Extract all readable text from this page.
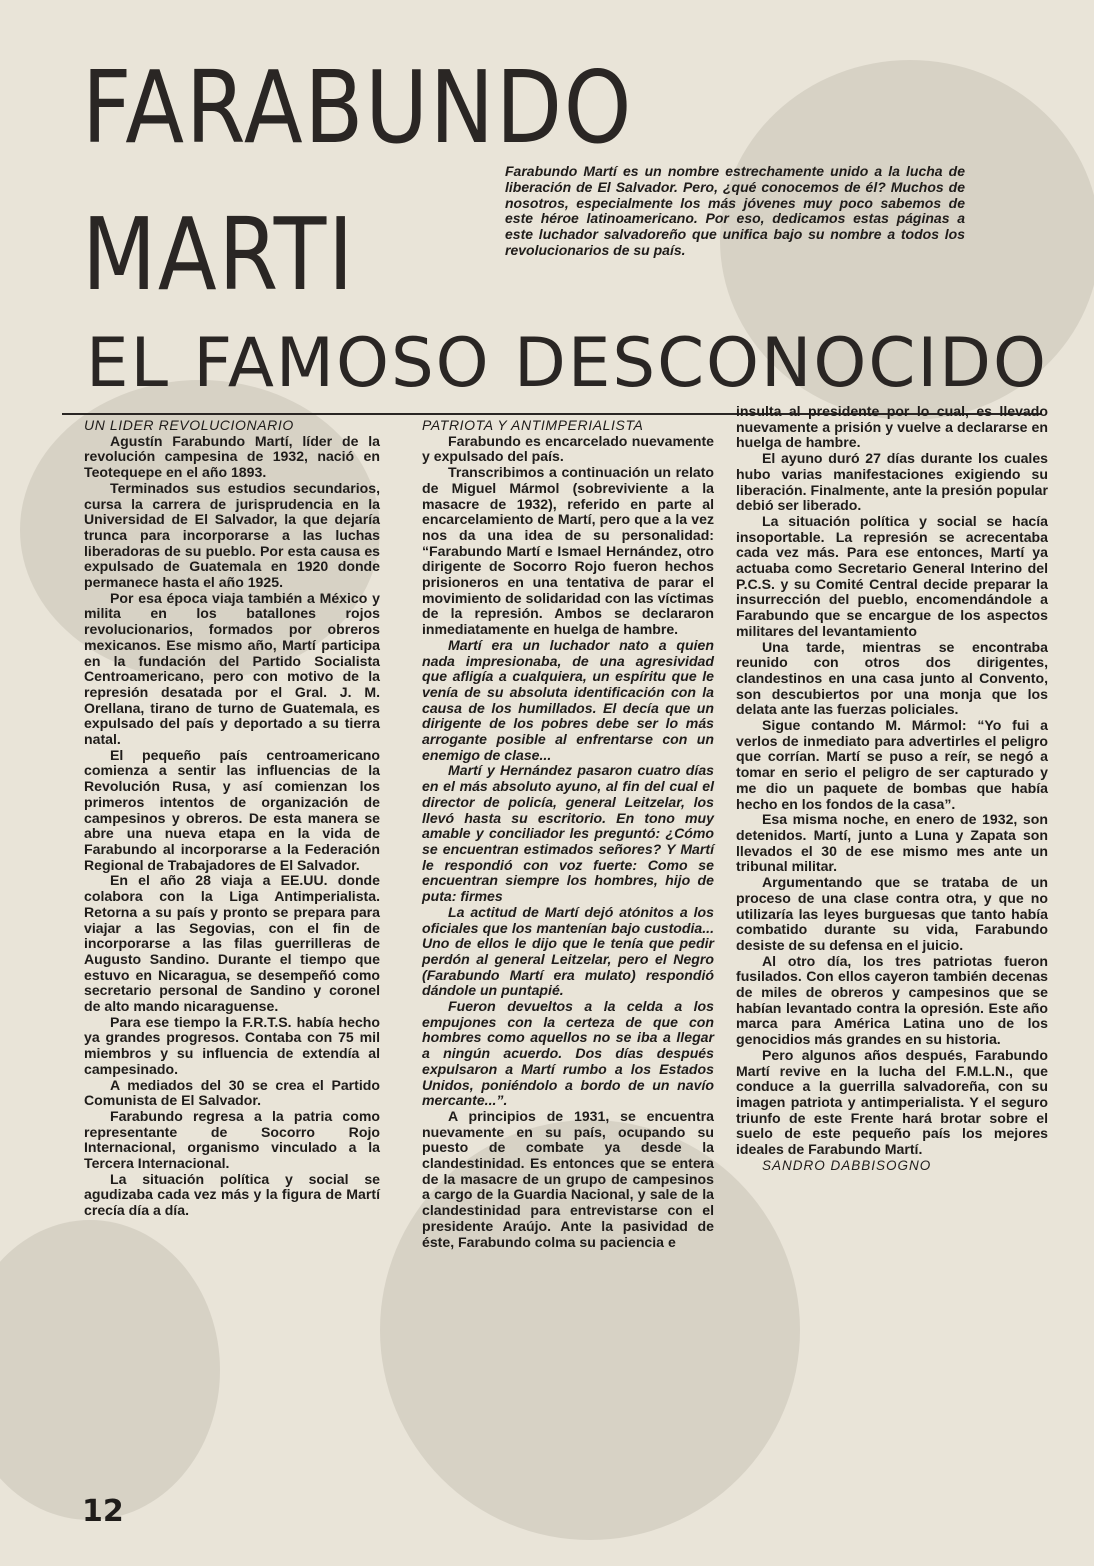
FARABUNDO
MARTI

Farabundo Martí es un nombre estrechamente unido a la lucha de liberación de El Salvador. Pero, ¿qué conocemos de él? Muchos de nosotros, especialmente los más jóvenes muy poco sabemos de este héroe latinoamericano. Por eso, dedicamos estas páginas a este luchador salvadoreño que unifica bajo su nombre a todos los revolucionarios de su país.

EL FAMOSO DESCONOCIDO

UN LIDER REVOLUCIONARIO

Agustín Farabundo Martí, líder de la revolución campesina de 1932, nació en Teotequepe en el año 1893.

Terminados sus estudios secundarios, cursa la carrera de jurisprudencia en la Universidad de El Salvador, la que dejaría trunca para incorporarse a las luchas liberadoras de su pueblo. Por esta causa es expulsado de Guatemala en 1920 donde permanece hasta el año 1925.

Por esa época viaja también a México y milita en los batallones rojos revolucionarios, formados por obreros mexicanos. Ese mismo año, Martí participa en la fundación del Partido Socialista Centroamericano, pero con motivo de la represión desatada por el Gral. J. M. Orellana, tirano de turno de Guatemala, es expulsado del país y deportado a su tierra natal.

El pequeño país centroamericano comienza a sentir las influencias de la Revolución Rusa, y así comienzan los primeros intentos de organización de campesinos y obreros. De esta manera se abre una nueva etapa en la vida de Farabundo al incorporarse a la Federación Regional de Trabajadores de El Salvador.

En el año 28 viaja a EE.UU. donde colabora con la Liga Antimperialista. Retorna a su país y pronto se prepara para viajar a las Segovias, con el fin de incorporarse a las filas guerrilleras de Augusto Sandino. Durante el tiempo que estuvo en Nicaragua, se desempeñó como secretario personal de Sandino y coronel de alto mando nicaraguense.

Para ese tiempo la F.R.T.S. había hecho ya grandes progresos. Contaba con 75 mil miembros y su influencia de extendía al campesinado.

A mediados del 30 se crea el Partido Comunista de El Salvador.

Farabundo regresa a la patria como representante de Socorro Rojo Internacional, organismo vinculado a la Tercera Internacional.

La situación política y social se agudizaba cada vez más y la figura de Martí crecía día a día.

PATRIOTA Y ANTIMPERIALISTA

Farabundo es encarcelado nuevamente y expulsado del país.

Transcribimos a continuación un relato de Miguel Mármol (sobreviviente a la masacre de 1932), referido en parte al encarcelamiento de Martí, pero que a la vez nos da una idea de su personalidad: “Farabundo Martí e Ismael Hernández, otro dirigente de Socorro Rojo fueron hechos prisioneros en una tentativa de parar el movimiento de solidaridad con las víctimas de la represión. Ambos se declararon inmediatamente en huelga de hambre.

Martí era un luchador nato a quien nada impresionaba, de una agresividad que afligía a cualquiera, un espíritu que le venía de su absoluta identificación con la causa de los humillados. El decía que un dirigente de los pobres debe ser lo más arrogante posible al enfrentarse con un enemigo de clase...

Martí y Hernández pasaron cuatro días en el más absoluto ayuno, al fin del cual el director de policía, general Leitzelar, los llevó hasta su escritorio. En tono muy amable y conciliador les preguntó: ¿Cómo se encuentran estimados señores? Y Martí le respondió con voz fuerte: Como se encuentran siempre los hombres, hijo de puta: firmes

La actitud de Martí dejó atónitos a los oficiales que los mantenían bajo custodia... Uno de ellos le dijo que le tenía que pedir perdón al general Leitzelar, pero el Negro (Farabundo Martí era mulato) respondió dándole un puntapié.

Fueron devueltos a la celda a los empujones con la certeza de que con hombres como aquellos no se iba a llegar a ningún acuerdo. Dos días después expulsaron a Martí rumbo a los Estados Unidos, poniéndolo a bordo de un navío mercante...”.

A principios de 1931, se encuentra nuevamente en su país, ocupando su puesto de combate ya desde la clandestinidad. Es entonces que se entera de la masacre de un grupo de campesinos a cargo de la Guardia Nacional, y sale de la clandestinidad para entrevistarse con el presidente Araújo. Ante la pasividad de éste, Farabundo colma su paciencia e

insulta al presidente por lo cual, es llevado nuevamente a prisión y vuelve a declararse en huelga de hambre.

El ayuno duró 27 días durante los cuales hubo varias manifestaciones exigiendo su liberación. Finalmente, ante la presión popular debió ser liberado.

La situación política y social se hacía insoportable. La represión se acrecentaba cada vez más. Para ese entonces, Martí ya actuaba como Secretario General Interino del P.C.S. y su Comité Central decide preparar la insurrección del pueblo, encomendándole a Farabundo que se encargue de los aspectos militares del levantamiento

Una tarde, mientras se encontraba reunido con otros dos dirigentes, clandestinos en una casa junto al Convento, son descubiertos por una monja que los delata ante las fuerzas policiales.

Sigue contando M. Mármol: “Yo fui a verlos de inmediato para advertirles el peligro que corrían. Martí se puso a reír, se negó a tomar en serio el peligro de ser capturado y me dio un paquete de bombas que había hecho en los fondos de la casa”.

Esa misma noche, en enero de 1932, son detenidos. Martí, junto a Luna y Zapata son llevados el 30 de ese mismo mes ante un tribunal militar.

Argumentando que se trataba de un proceso de una clase contra otra, y que no utilizaría las leyes burguesas que tanto había combatido durante su vida, Farabundo desiste de su defensa en el juicio.

Al otro día, los tres patriotas fueron fusilados. Con ellos cayeron también decenas de miles de obreros y campesinos que se habían levantado contra la opresión. Este año marca para América Latina uno de los genocidios más grandes en su historia.

Pero algunos años después, Farabundo Martí revive en la lucha del F.M.L.N., que conduce a la guerrilla salvadoreña, con su imagen patriota y antimperialista. Y el seguro triunfo de este Frente hará brotar sobre el suelo de este pequeño país los mejores ideales de Farabundo Martí.

SANDRO DABBISOGNO

12
